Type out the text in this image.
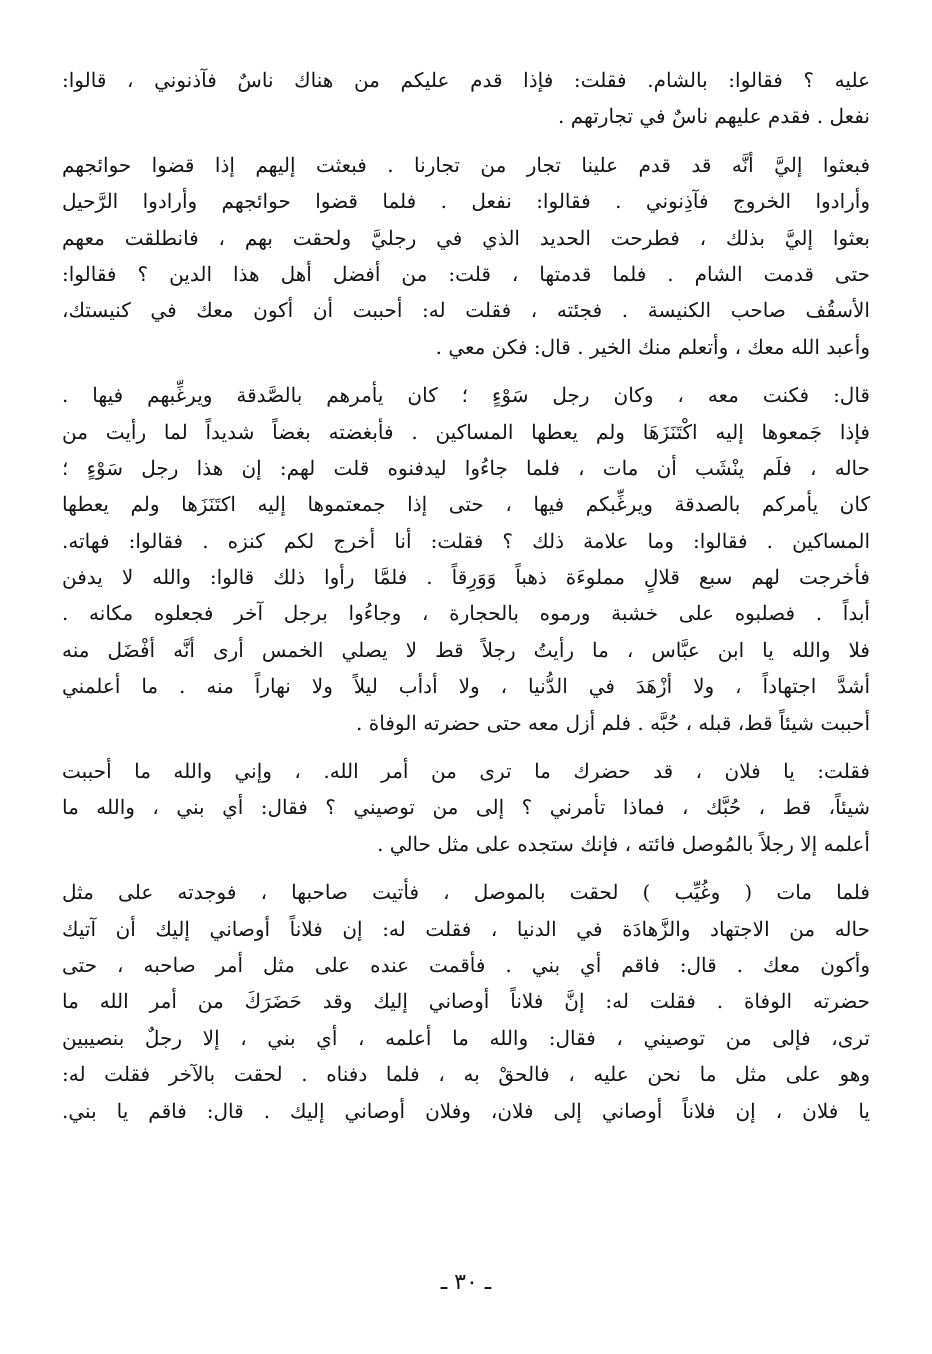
عليه ؟ فقالوا: بالشام. فقلت: فإذا قدم عليكم من هناك ناسٌ فآذنوني ، قالوا:
نفعل . فقدم عليهم ناسٌ في تجارتهم .
فبعثوا إليَّ أنَّه قد قدم علينا تجار من تجارنا . فبعثت إليهم إذا قضوا حوائجهم
وأرادوا الخروج فآذِنوني . فقالوا: نفعل . فلما قضوا حوائجهم وأرادوا الرَّحيل
بعثوا إليَّ بذلك ، فطرحت الحديد الذي في رجليَّ ولحقت بهم ، فانطلقت معهم
حتى قدمت الشام . فلما قدمتها ، قلت: من أفضل أهل هذا الدين ؟ فقالوا:
الأسقُف صاحب الكنيسة . فجئته ، فقلت له: أحببت أن أكون معك في كنيستك،
وأعبد الله معك ، وأتعلم منك الخير . قال: فكن معي .
قال: فكنت معه ، وكان رجل سَوْءٍ ؛ كان يأمرهم بالصَّدقة ويرغِّبهم فيها .
فإذا جَمعوها إليه اكْتَنَزَهَا ولم يعطها المساكين . فأبغضته بغضاً شديداً لما رأيت من
حاله ، فلَم ينْشَب أن مات ، فلما جاءُوا ليدفنوه قلت لهم: إن هذا رجل سَوْءٍ ؛
كان يأمركم بالصدقة ويرغِّبكم فيها ، حتى إذا جمعتموها إليه اكتَنَزَها ولم يعطها
المساكين . فقالوا: وما علامة ذلك ؟ فقلت: أنا أخرج لكم كنزه . فقالوا: فهاته.
فأخرجت لهم سبع قلالٍ مملوءَة ذهباً وَوَرِقاً . فلمَّا رأوا ذلك قالوا: والله لا يدفن
أبداً . فصلبوه على خشبة ورموه بالحجارة ، وجاءُوا برجل آخر فجعلوه مكانه .
فلا والله يا ابن عبَّاس ، ما رأيتُ رجلاً قط لا يصلي الخمس أرى أنَّه أفْضَل منه
أشدَّ اجتهاداً ، ولا أزْهَدَ في الدُّنيا ، ولا أدأب ليلاً ولا نهاراً منه . ما أعلمني
أحببت شيئاً قط، قبله ، حُبَّه . فلم أزل معه حتى حضرته الوفاة .
فقلت: يا فلان ، قد حضرك ما ترى من أمر الله. ، وإني والله ما أحببت
شيئاً، قط ، حُبَّك ، فماذا تأمرني ؟ إلى من توصيني ؟ فقال: أي بني ، والله ما
أعلمه إلا رجلاً بالمُوصل فائته ، فإنك ستجده على مثل حالي .
فلما مات ( وغُيِّب ) لحقت بالموصل ، فأتيت صاحبها ، فوجدته على مثل
حاله من الاجتهاد والزَّهادَة في الدنيا ، فقلت له: إن فلاناً أوصاني إليك أن آتيك
وأكون معك . قال: فاقم أي بني . فأقمت عنده على مثل أمر صاحبه ، حتى
حضرته الوفاة . فقلت له: إنَّ فلاناً أوصاني إليك وقد حَضَرَكَ من أمر الله ما
ترى، فإلى من توصيني ، فقال: والله ما أعلمه ، أي بني ، إلا رجلٌ بنصيبين
وهو على مثل ما نحن عليه ، فالحقْ به ، فلما دفناه . لحقت بالآخر فقلت له:
يا فلان ، إن فلاناً أوصاني إلى فلان، وفلان أوصاني إليك . قال: فاقم يا بني.
ـ ٣٠ ـ
